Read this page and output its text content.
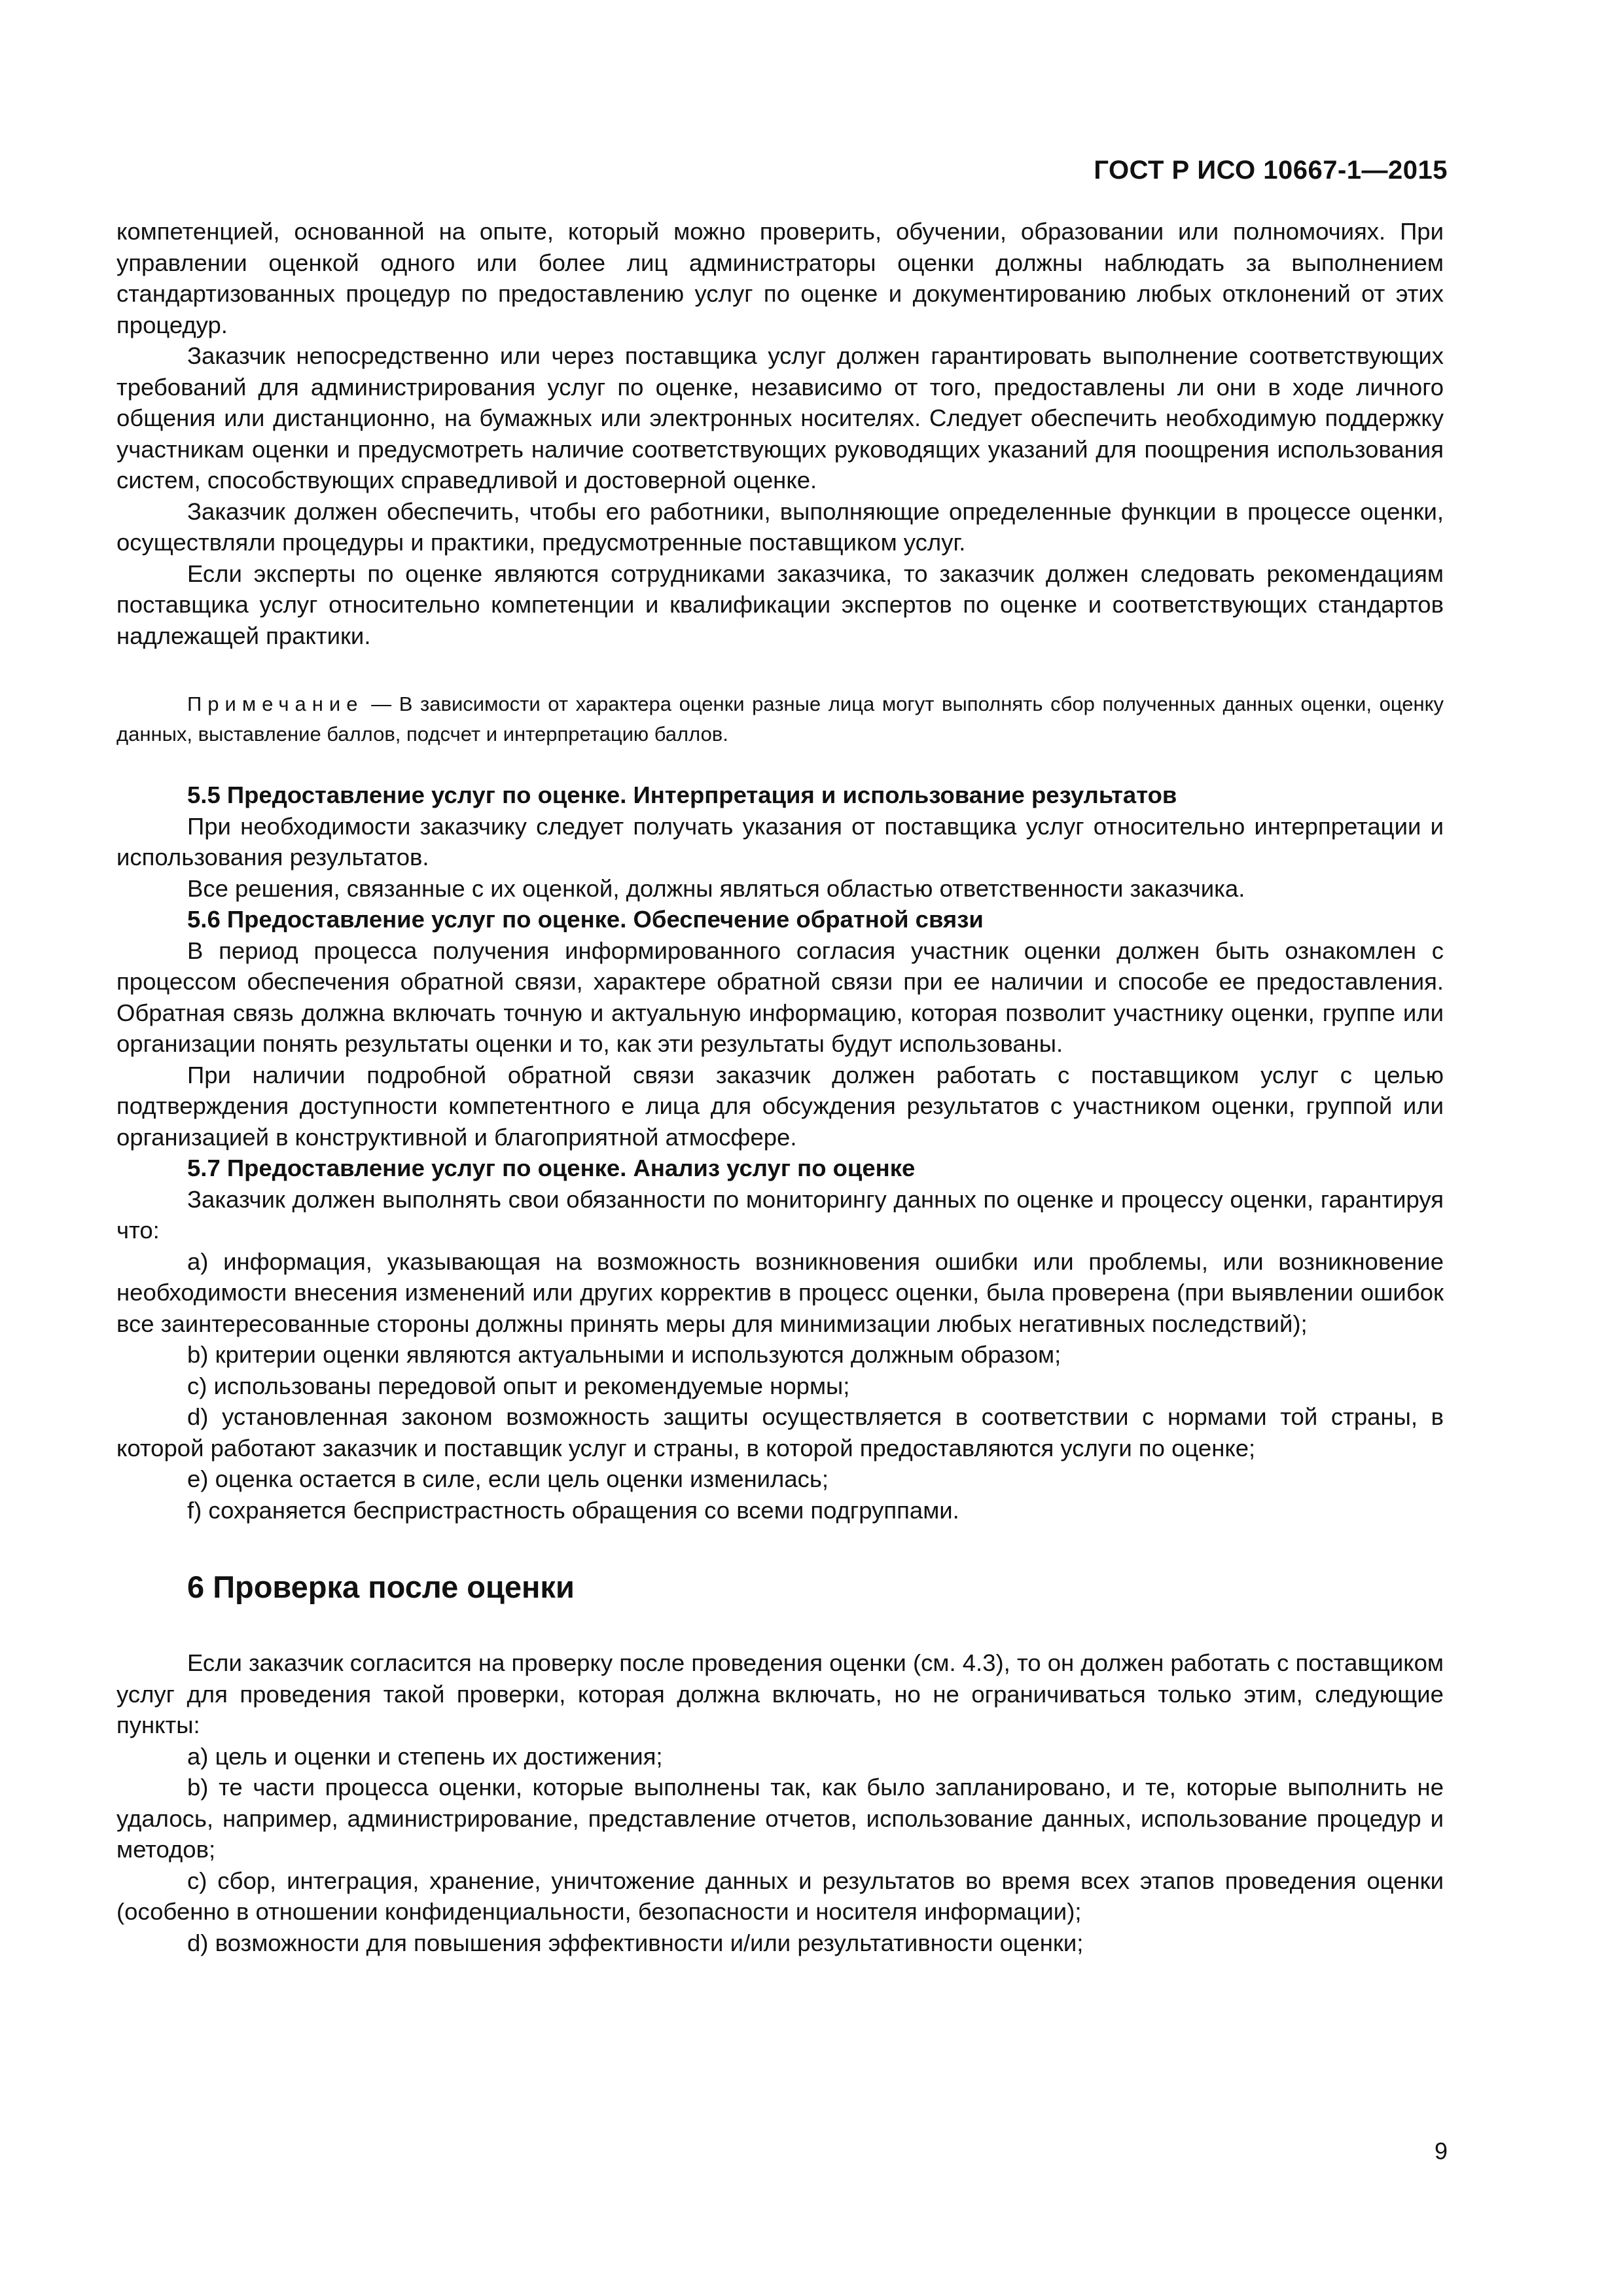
ГОСТ Р ИСО 10667-1—2015

компетенцией, основанной на опыте, который можно проверить, обучении, образовании или полномочиях. При управлении оценкой одного или более лиц администраторы оценки должны наблюдать за выполнением стандартизованных процедур по предоставлению услуг по оценке и документированию любых отклонений от этих процедур.

Заказчик непосредственно или через поставщика услуг должен гарантировать выполнение соответствующих требований для администрирования услуг по оценке, независимо от того, предоставлены ли они в ходе личного общения или дистанционно, на бумажных или электронных носителях. Следует обеспечить необходимую поддержку участникам оценки и предусмотреть наличие соответствующих руководящих указаний для поощрения использования систем, способствующих справедливой и достоверной оценке.

Заказчик должен обеспечить, чтобы его работники, выполняющие определенные функции в процессе оценки, осуществляли процедуры и практики, предусмотренные поставщиком услуг.

Если эксперты по оценке являются сотрудниками заказчика, то заказчик должен следовать рекомендациям поставщика услуг относительно компетенции и квалификации экспертов по оценке и соответствующих стандартов надлежащей практики.

Примечание — В зависимости от характера оценки разные лица могут выполнять сбор полученных данных оценки, оценку данных, выставление баллов, подсчет и интерпретацию баллов.

5.5 Предоставление услуг по оценке. Интерпретация и использование результатов

При необходимости заказчику следует получать указания от поставщика услуг относительно интерпретации и использования результатов.

Все решения, связанные с их оценкой, должны являться областью ответственности заказчика.

5.6 Предоставление услуг по оценке. Обеспечение обратной связи

В период процесса получения информированного согласия участник оценки должен быть ознакомлен с процессом обеспечения обратной связи, характере обратной связи при ее наличии и способе ее предоставления. Обратная связь должна включать точную и актуальную информацию, которая позволит участнику оценки, группе или организации понять результаты оценки и то, как эти результаты будут использованы.

При наличии подробной обратной связи заказчик должен работать с поставщиком услуг с целью подтверждения доступности компетентного е лица для обсуждения результатов с участником оценки, группой или организацией в конструктивной и благоприятной атмосфере.

5.7 Предоставление услуг по оценке. Анализ услуг по оценке

Заказчик должен выполнять свои обязанности по мониторингу данных по оценке и процессу оценки, гарантируя что:

a) информация, указывающая на возможность возникновения ошибки или проблемы, или возникновение необходимости внесения изменений или других корректив в процесс оценки, была проверена (при выявлении ошибок все заинтересованные стороны должны принять меры для минимизации любых негативных последствий);

b) критерии оценки являются актуальными и используются должным образом;

c) использованы передовой опыт и рекомендуемые нормы;

d) установленная законом возможность защиты осуществляется в соответствии с нормами той страны, в которой работают заказчик и поставщик услуг и страны, в которой предоставляются услуги по оценке;

e) оценка остается в силе, если цель оценки изменилась;

f) сохраняется беспристрастность обращения со всеми подгруппами.

6 Проверка после оценки

Если заказчик согласится на проверку после проведения оценки (см. 4.3), то он должен работать с поставщиком услуг для проведения такой проверки, которая должна включать, но не ограничиваться только этим, следующие пункты:

a) цель и оценки и степень их достижения;

b) те части процесса оценки, которые выполнены так, как было запланировано, и те, которые выполнить не удалось, например, администрирование, представление отчетов, использование данных, использование процедур и методов;

c) сбор, интеграция, хранение, уничтожение данных и результатов во время всех этапов проведения оценки (особенно в отношении конфиденциальности, безопасности и носителя информации);

d) возможности для повышения эффективности и/или результативности оценки;

9
